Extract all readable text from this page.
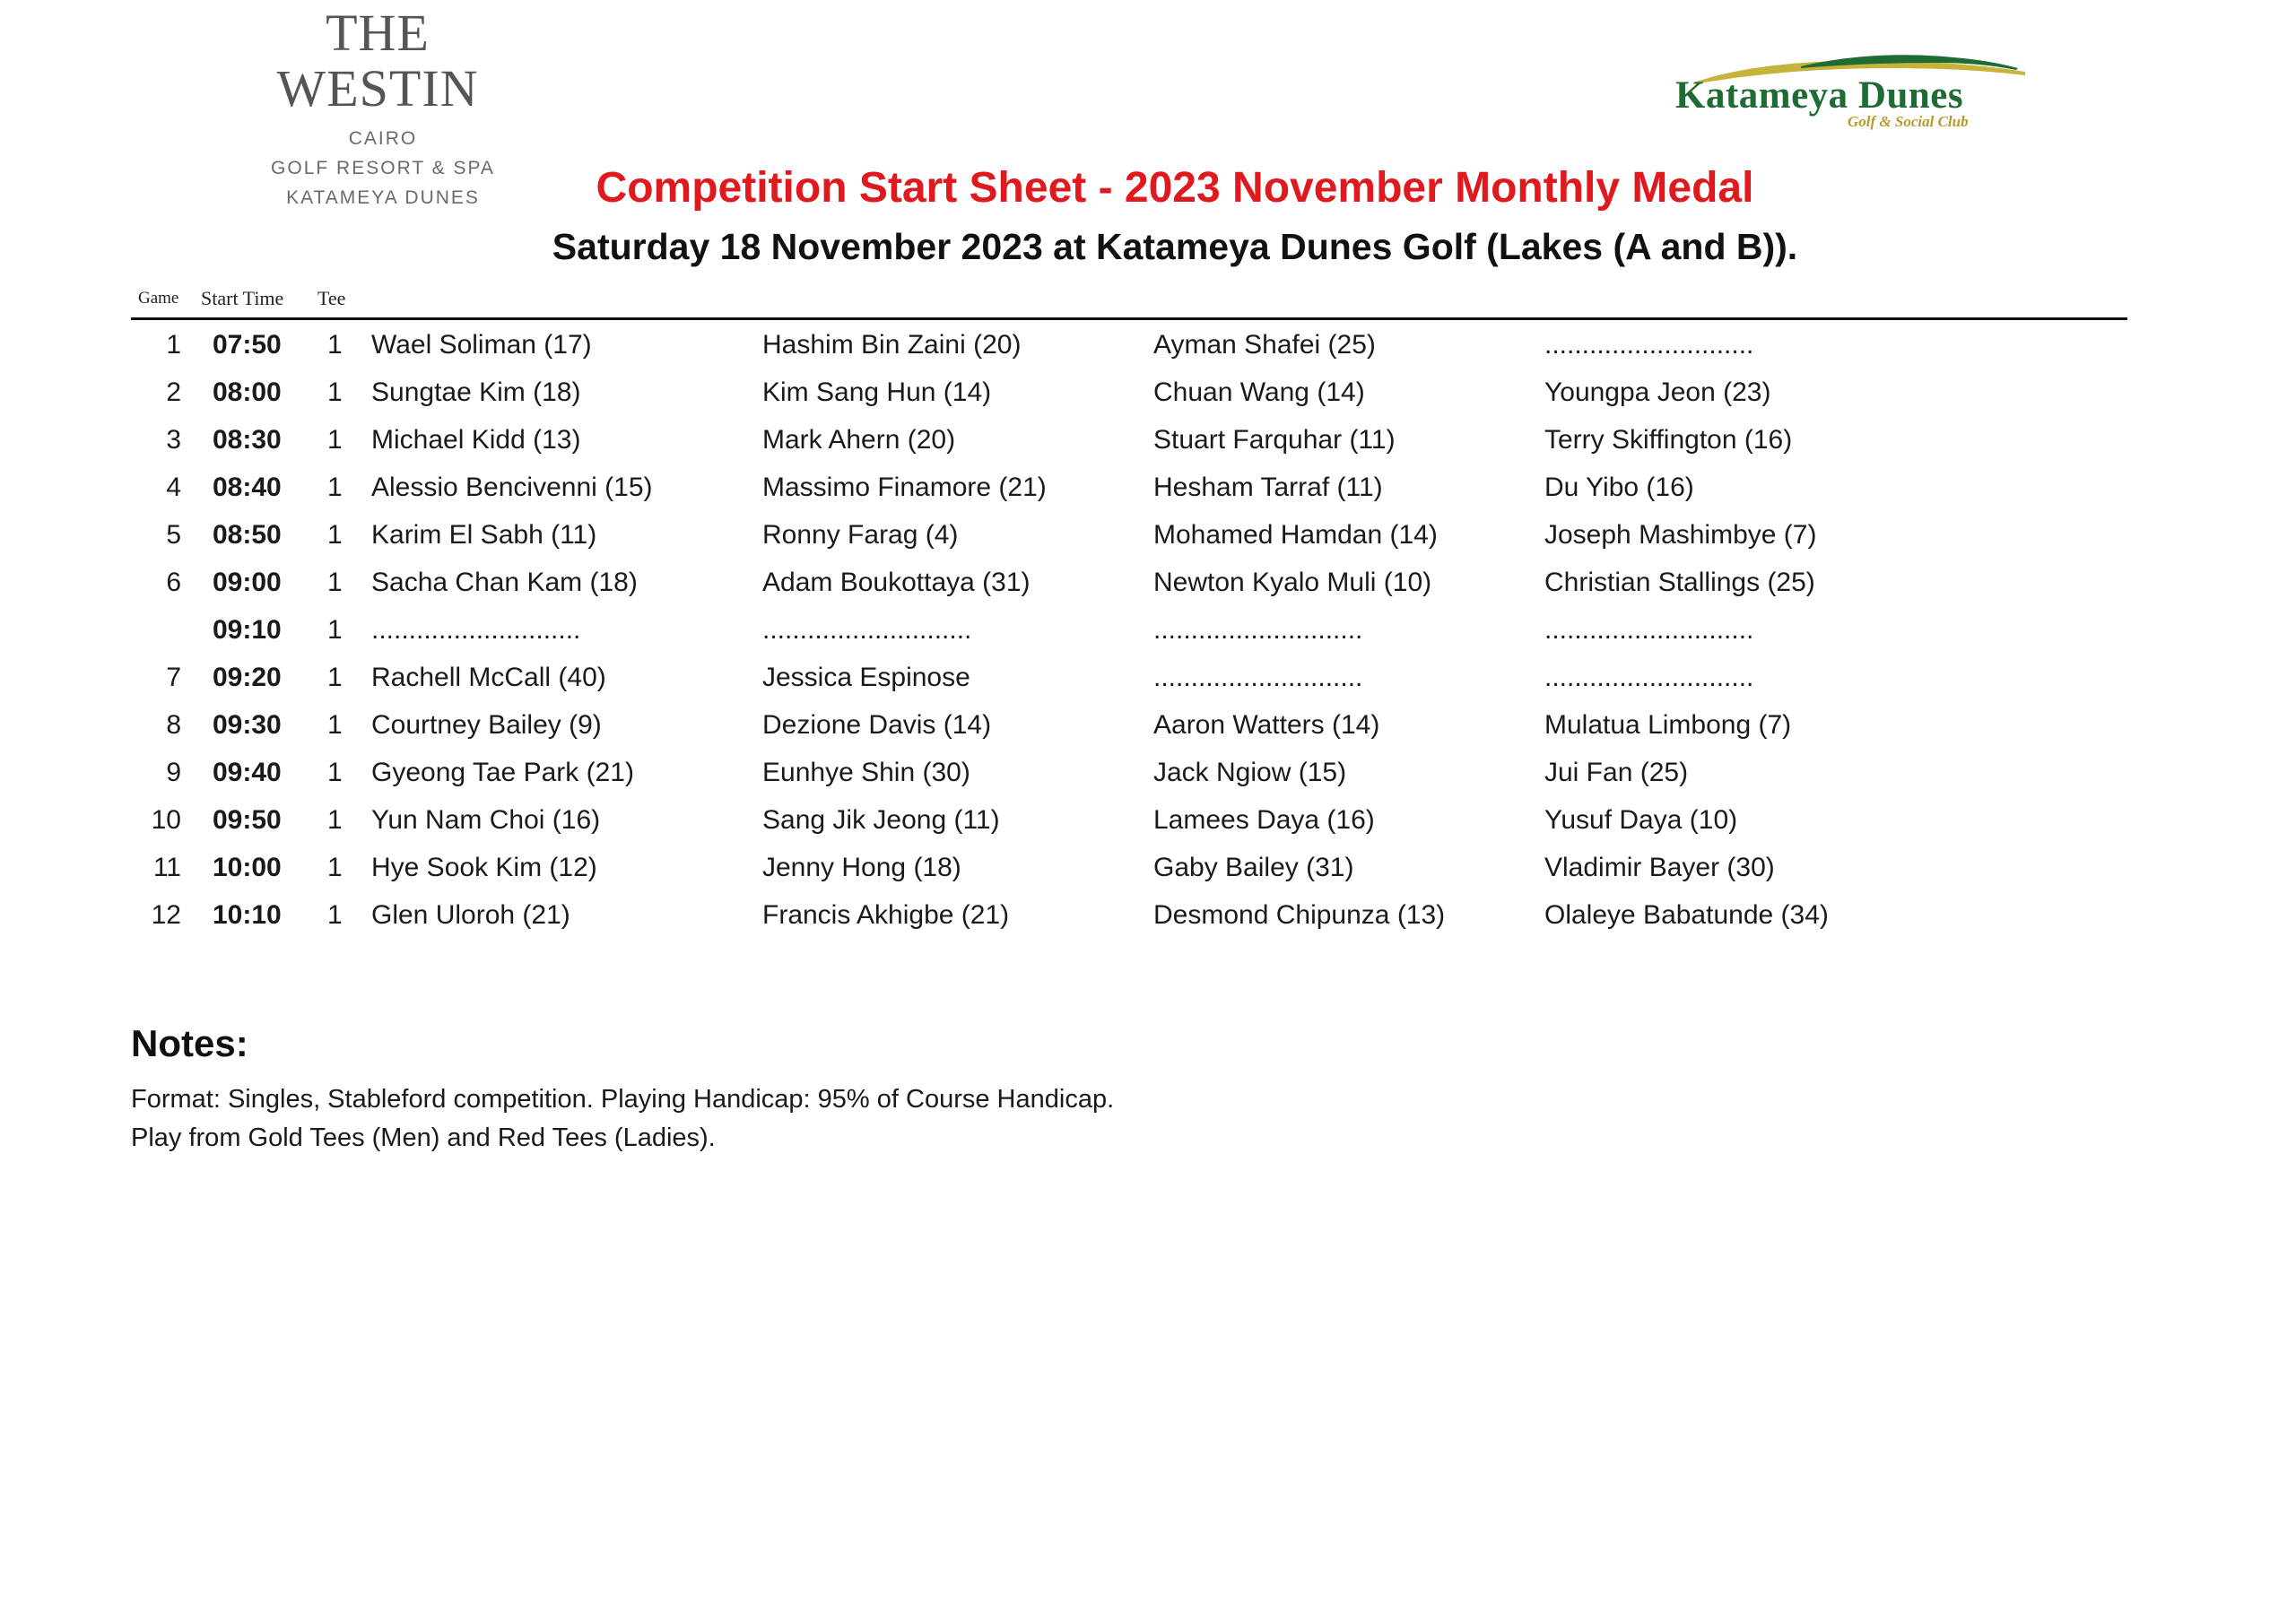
THE WESTIN
CAIRO
GOLF RESORT & SPA
KATAMEYA DUNES
Katameya Dunes
Golf & Social Club
Competition Start Sheet - 2023 November Monthly Medal
Saturday 18 November 2023 at Katameya Dunes Golf (Lakes (A and B)).
Game Start Time Tee
1 07:50 1 Wael Soliman (17)	Hashim Bin Zaini (20)	Ayman Shafei (25)	............................
2 08:00 1 Sungtae Kim (18)	Kim Sang Hun (14)	Chuan Wang (14)	Youngpa Jeon (23)
3 08:30 1 Michael Kidd (13)	Mark Ahern (20)	Stuart Farquhar (11)	Terry Skiffington (16)
4 08:40 1 Alessio Bencivenni (15)	Massimo Finamore (21)	Hesham Tarraf (11)	Du Yibo (16)
5 08:50 1 Karim El Sabh (11)	Ronny Farag (4)	Mohamed Hamdan (14)	Joseph Mashimbye (7)
6 09:00 1 Sacha Chan Kam (18)	Adam Boukottaya (31)	Newton Kyalo Muli (10)	Christian Stallings (25)
09:10 1 ............................	............................	............................	............................
7 09:20 1 Rachell McCall (40)	Jessica Espinose	............................	............................
8 09:30 1 Courtney Bailey (9)	Dezione Davis (14)	Aaron Watters (14)	Mulatua Limbong (7)
9 09:40 1 Gyeong Tae Park (21)	Eunhye Shin (30)	Jack Ngiow (15)	Jui Fan (25)
10 09:50 1 Yun Nam Choi (16)	Sang Jik Jeong (11)	Lamees Daya (16)	Yusuf Daya (10)
11 10:00 1 Hye Sook Kim (12)	Jenny Hong (18)	Gaby Bailey (31)	Vladimir Bayer (30)
12 10:10 1 Glen Uloroh (21)	Francis Akhigbe (21)	Desmond Chipunza (13)	Olaleye Babatunde (34)
Notes:
Format: Singles, Stableford competition. Playing Handicap: 95% of Course Handicap.
Play from Gold Tees (Men) and Red Tees (Ladies).
